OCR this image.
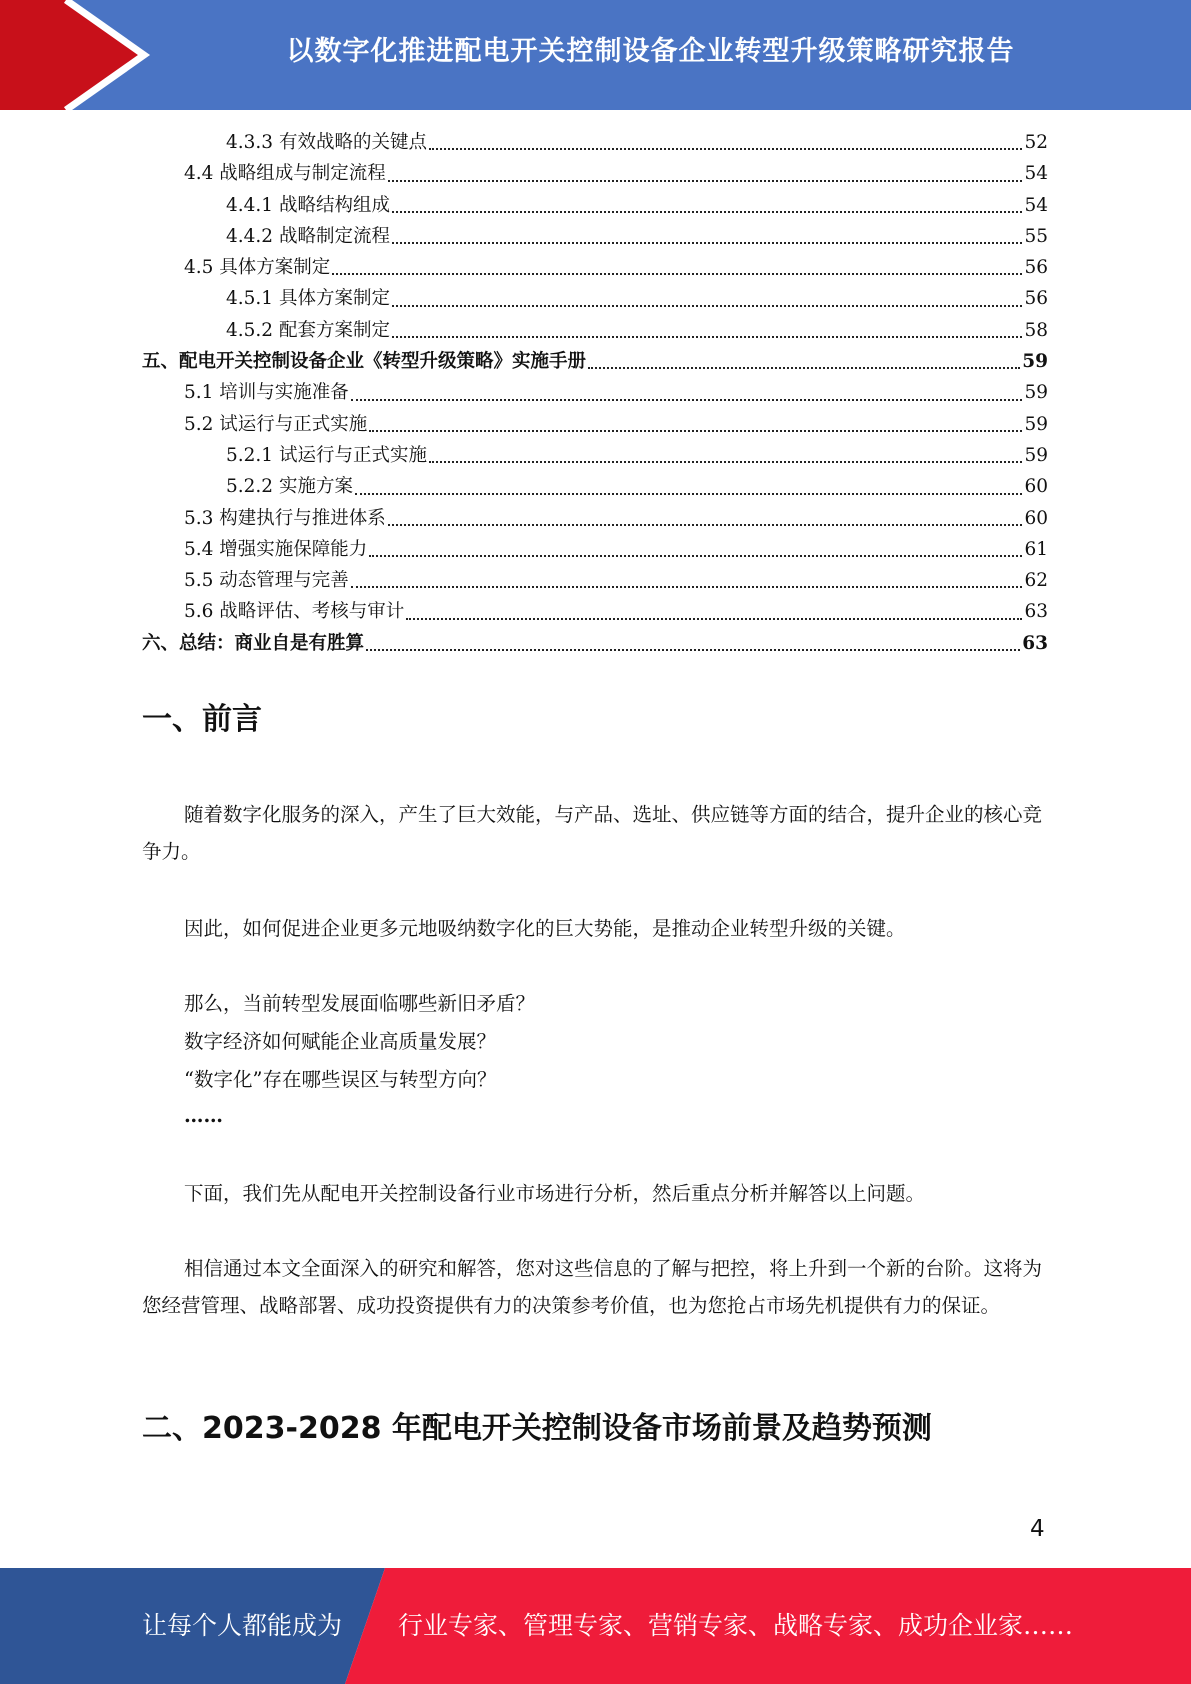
以数字化推进配电开关控制设备企业转型升级策略研究报告
4.3.3 有效战略的关键点	52
4.4 战略组成与制定流程	54
4.4.1 战略结构组成	54
4.4.2 战略制定流程	55
4.5 具体方案制定	56
4.5.1 具体方案制定	56
4.5.2 配套方案制定	58
五、配电开关控制设备企业《转型升级策略》实施手册	59
5.1 培训与实施准备	59
5.2 试运行与正式实施	59
5.2.1 试运行与正式实施	59
5.2.2 实施方案	60
5.3 构建执行与推进体系	60
5.4 增强实施保障能力	61
5.5 动态管理与完善	62
5.6 战略评估、考核与审计	63
六、总结：商业自是有胜算	63
一、前言

随着数字化服务的深入，产生了巨大效能，与产品、选址、供应链等方面的结合，提升企业的核心竞争力。

因此，如何促进企业更多元地吸纳数字化的巨大势能，是推动企业转型升级的关键。

那么，当前转型发展面临哪些新旧矛盾？

数字经济如何赋能企业高质量发展？

“数字化”存在哪些误区与转型方向？

……

下面，我们先从配电开关控制设备行业市场进行分析，然后重点分析并解答以上问题。

相信通过本文全面深入的研究和解答，您对这些信息的了解与把控，将上升到一个新的台阶。这将为您经营管理、战略部署、成功投资提供有力的决策参考价值，也为您抢占市场先机提供有力的保证。

二、2023-2028 年配电开关控制设备市场前景及趋势预测
4
让每个人都能成为 行业专家、管理专家、营销专家、战略专家、成功企业家……
